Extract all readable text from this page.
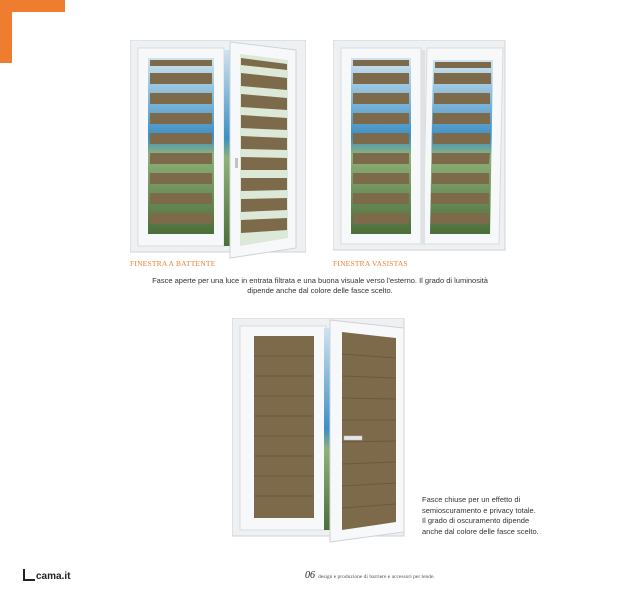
FINESTRA A BATTENTE	FINESTRA VASISTAS
Fasce aperte per una luce in entrata filtrata e una buona visuale verso l'esterno. Il grado di luminosità
dipende anche dal colore delle fasce scelto.
Fasce chiuse per un effetto di
semioscuramento e privacy totale.
Il grado di oscuramento dipende
anche dal colore delle fasce scelto.
cama.it	06 design e produzione di barriere e accessori per tende.
